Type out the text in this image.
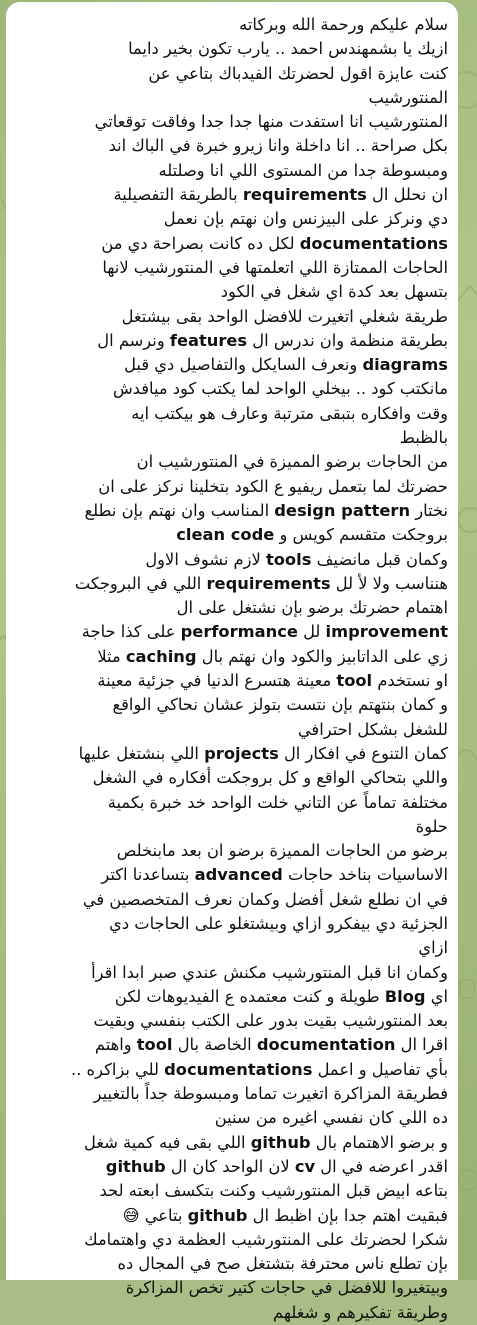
سلام عليكم ورحمة الله وبركاته
ازيك يا بشمهندس احمد .. يارب تكون بخير دايما
كنت عايزة اقول لحضرتك الفيدباك بتاعي عن
المنتورشيب
المنتورشيب انا استفدت منها جدا جدا وفاقت توقعاتي
بكل صراحة .. انا داخلة وانا زيرو خبرة في الباك اند
ومبسوطة جدا من المستوى اللي انا وصلتله
ان نحلل ال requirements بالطريقة التفصيلية
دي ونركز على البيزنس وان نهتم بإن نعمل
documentations لكل ده كانت بصراحة دي من
الحاجات الممتازة اللي اتعلمتها في المنتورشيب لانها
بتسهل بعد كدة اي شغل في الكود
طريقة شغلي اتغيرت للافضل الواحد بقى بيشتغل
بطريقة منظمة وان ندرس ال features ونرسم ال
diagrams ونعرف السايكل والتفاصيل دي قبل
مانكتب كود .. بيخلي الواحد لما يكتب كود ميافدش
وقت وافكاره بتبقى مترتبة وعارف هو بيكتب ايه
بالظبط
من الحاجات برضو المميزة في المنتورشيب ان
حضرتك لما بتعمل ريفيو ع الكود بتخلينا نركز على ان
نختار design pattern المناسب وان نهتم بإن نطلع
بروجكت متقسم كويس و clean code
وكمان قبل مانضيف tools لازم نشوف الاول
هنناسب ولا لأ لل requirements اللي في البروجكت
اهتمام حضرتك برضو بإن نشتغل على ال
improvement لل performance على كذا حاجة
زي على الداتابيز والكود وان نهتم بال caching مثلا
او نستخدم tool معينة هتسرع الدنيا في جزئية معينة
و كمان بنتهتم بإن نتست بتولز عشان نحاكي الواقع
للشغل بشكل احترافي
كمان التنوع في افكار ال projects اللي بنشتغل عليها
واللي بتحاكي الواقع و كل بروجكت أفكاره في الشغل
مختلفة تماماً عن التاني خلت الواحد خد خبرة بكمية
حلوة
برضو من الحاجات المميزة برضو ان بعد مابنخلص
الاساسيات بناخد حاجات advanced بتساعدنا اكتر
في ان نطلع شغل أفضل وكمان نعرف المتخصصين في
الجزئية دي بيفكرو ازاي وبيشتغلو على الحاجات دي
ازاي
وكمان انا قبل المنتورشيب مكنش عندي صبر ابدا اقرأ
اي Blog طويلة و كنت معتمده ع الفيديوهات لكن
بعد المنتورشيب بقيت بدور على الكتب بنفسي وبقيت
اقرا ال documentation الخاصة بال tool واهتم
بأي تفاصيل و اعمل documentations للي بزاكره ..
فطريقة المزاكرة اتغيرت تماما ومبسوطة جداً بالتغيير
ده اللي كان نفسي اغيره من سنين
و برضو الاهتمام بال github اللي بقى فيه كمية شغل
اقدر اعرضه في ال cv لان الواحد كان ال github
بتاعه ابيض قبل المنتورشيب وكنت بتكسف ابعته لحد
فبقيت اهتم جدا بإن اظبط ال github بتاعي 😅
شكرا لحضرتك على المنتورشيب العظمة دي واهتمامك
بإن تطلع ناس محترفة بتشتغل صح في المجال ده
وبيتغيروا للافضل في حاجات كتير تخص المزاكرة
وطريقة تفكيرهم و شغلهم
